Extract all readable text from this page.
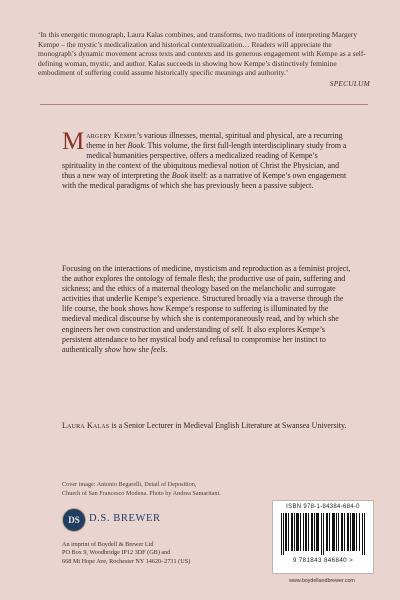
‘In this energetic monograph, Laura Kalas combines, and transforms, two traditions of interpreting Margery Kempe – the mystic’s medicalization and historical contextualization… Readers will appreciate the monograph’s dynamic movement across texts and contexts and its generous engagement with Kempe as a self-defining woman, mystic, and author. Kalas succeeds in showing how Kempe’s distinctively feminine embodiment of suffering could assume historically specific meanings and authority.’
SPECULUM
Margery Kempe’s various illnesses, mental, spiritual and physical, are a recurring theme in her Book. This volume, the first full-length interdisciplinary study from a medical humanities perspective, offers a medicalized reading of Kempe’s spirituality in the context of the ubiquitous medieval notion of Christ the Physician, and thus a new way of interpreting the Book itself: as a narrative of Kempe’s own engagement with the medical paradigms of which she has previously been a passive subject.
Focusing on the interactions of medicine, mysticism and reproduction as a feminist project, the author explores the ontology of female flesh; the productive use of pain, suffering and sickness; and the ethics of a maternal theology based on the melancholic and surrogate activities that underlie Kempe’s experience. Structured broadly via a traverse through the life course, the book shows how Kempe’s response to suffering is illuminated by the medieval medical discourse by which she is contemporaneously read, and by which she engineers her own construction and understanding of self. It also explores Kempe’s persistent attendance to her mystical body and refusal to compromise her instinct to authentically show how she feels.
Laura Kalas is a Senior Lecturer in Medieval English Literature at Swansea University.
Cover image: Antonio Begarelli, Detail of Deposition,
Church of San Francesco Modena. Photo by Andrea Samaritani.
DS D.S. BREWER
An imprint of Boydell & Brewer Ltd
PO Box 9, Woodbridge IP12 3DF (GB) and
668 Mt Hope Ave, Rochester NY 14620–2731 (US)
ISBN 978-1-84384-684-0
9 781843 846840 >
www.boydellandbrewer.com
